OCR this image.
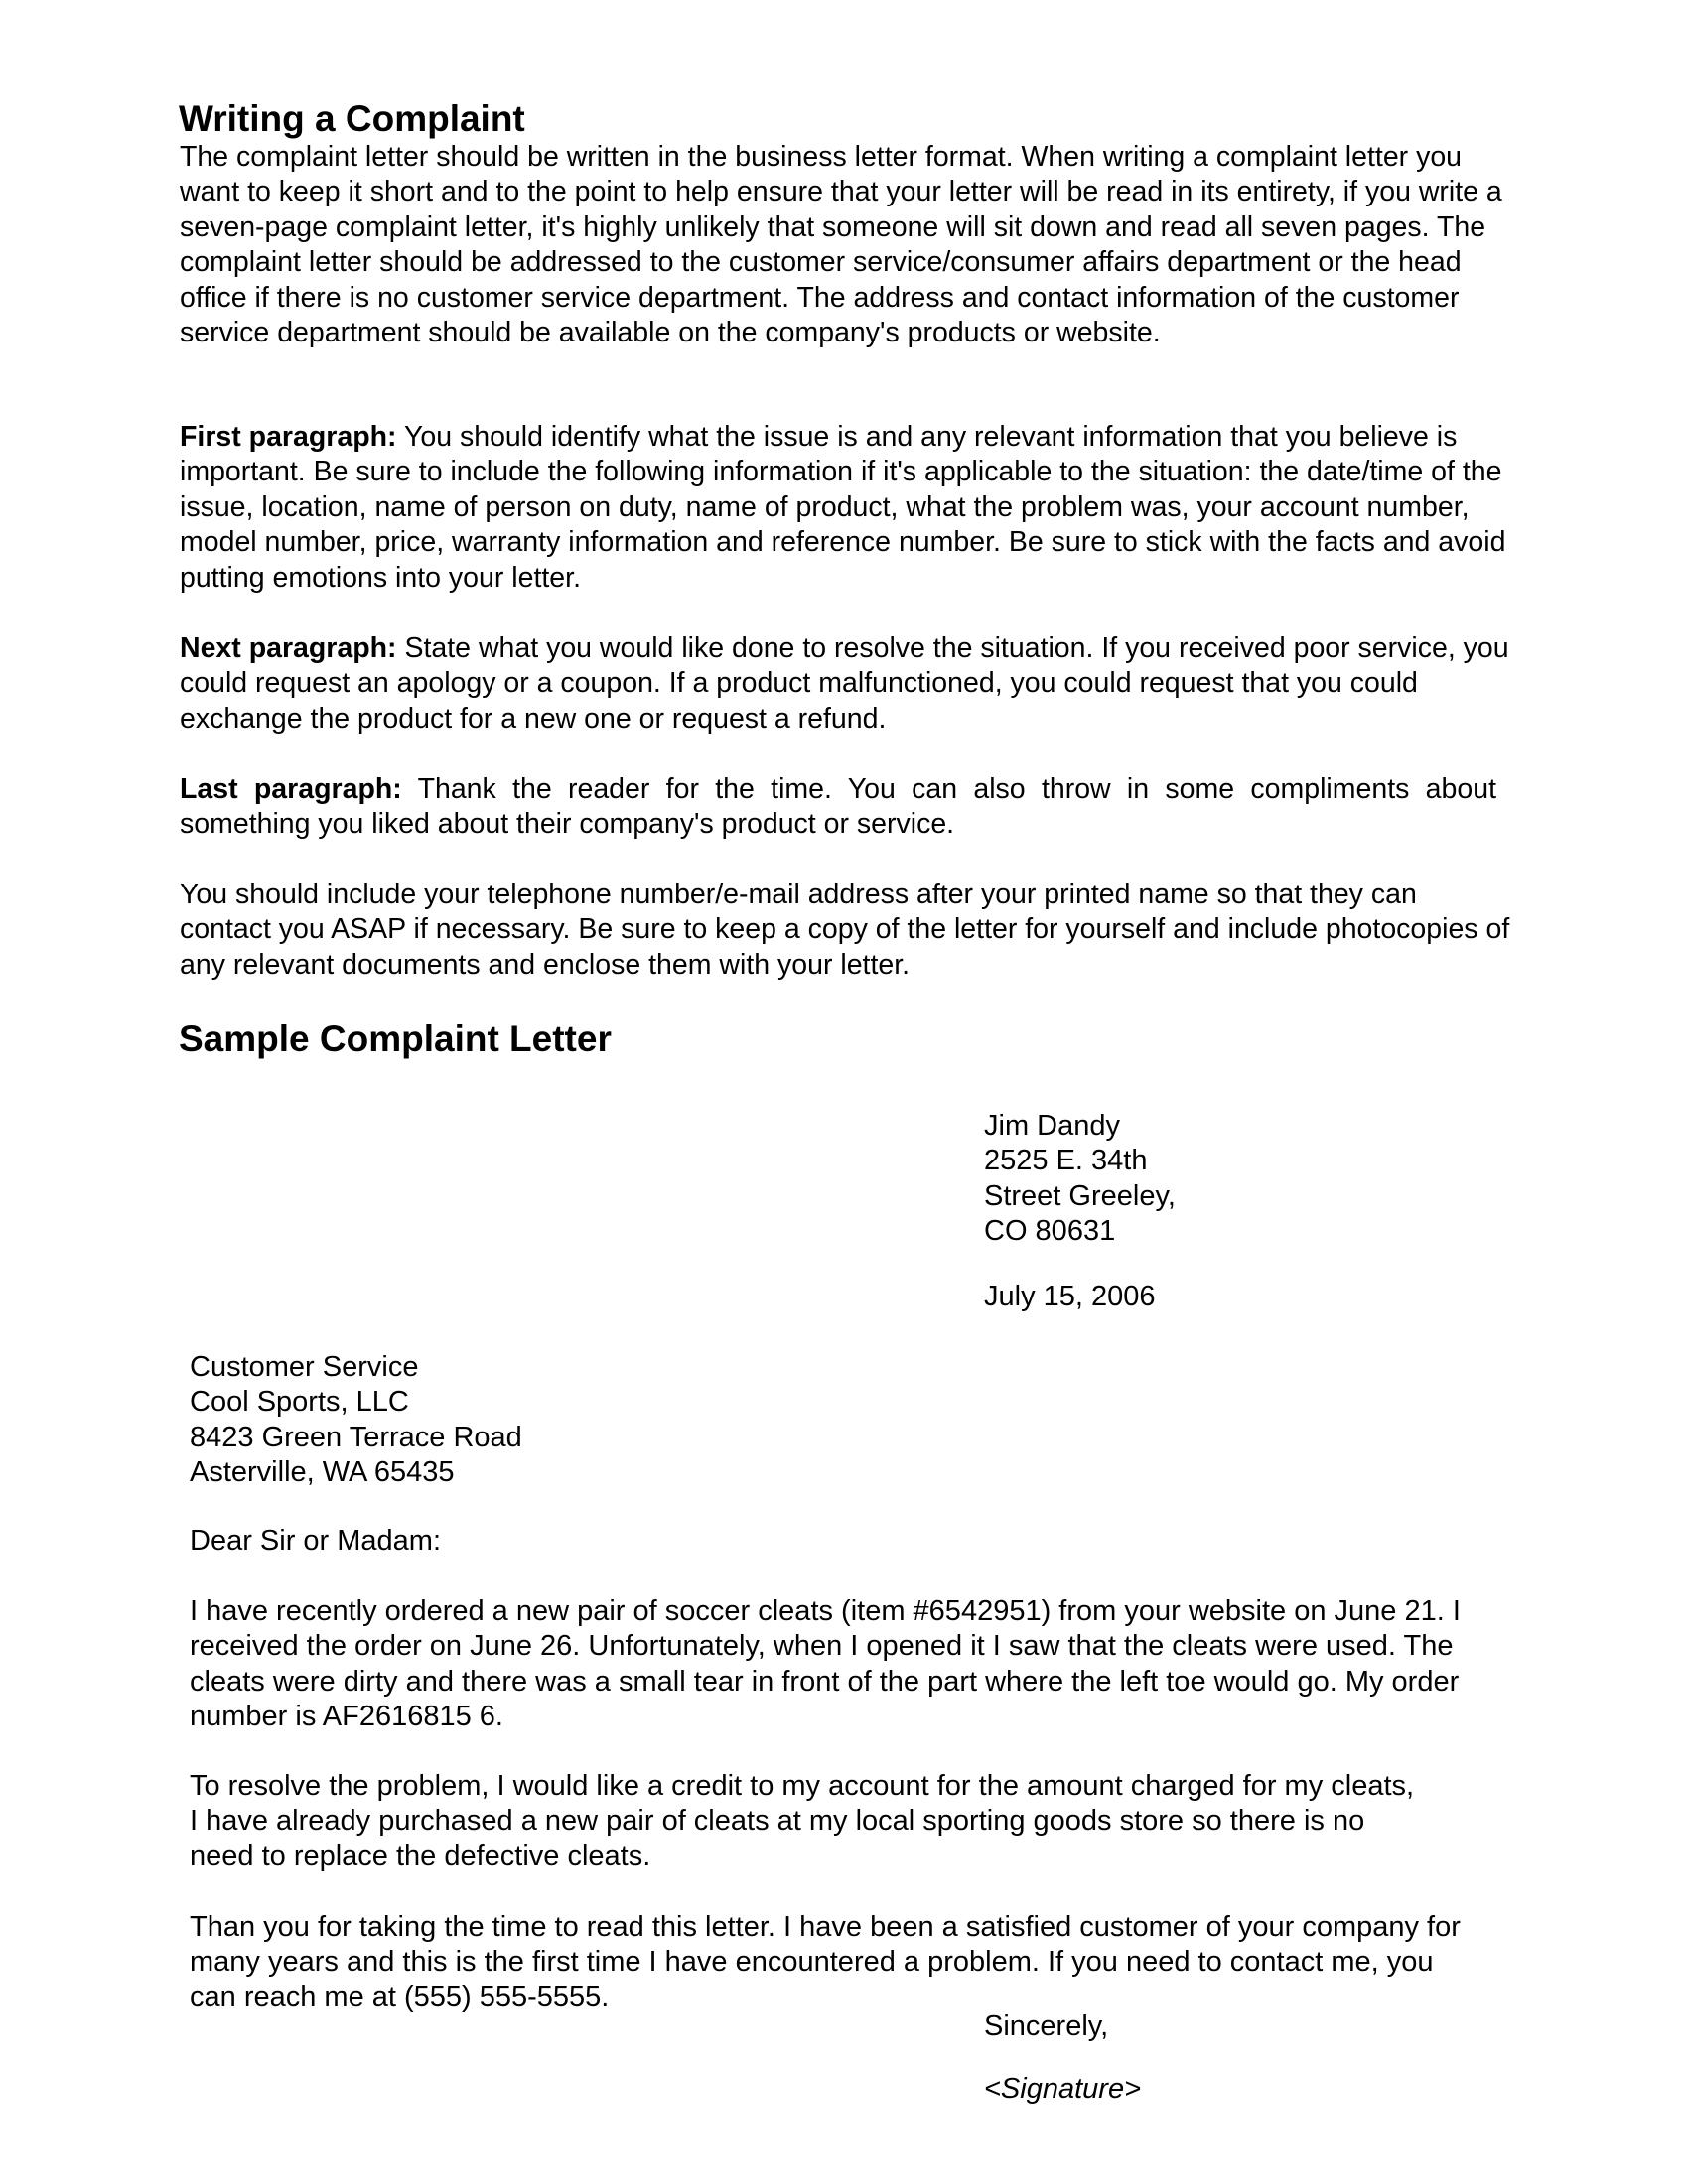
Writing a Complaint
The complaint letter should be written in the business letter format. When writing a complaint letter you want to keep it short and to the point to help ensure that your letter will be read in its entirety, if you write a seven-page complaint letter, it's highly unlikely that someone will sit down and read all seven pages. The complaint letter should be addressed to the customer service/consumer affairs department or the head office if there is no customer service department. The address and contact information of the customer service department should be available on the company's products or website.
First paragraph: You should identify what the issue is and any relevant information that you believe is important. Be sure to include the following information if it's applicable to the situation: the date/time of the issue, location, name of person on duty, name of product, what the problem was, your account number, model number, price, warranty information and reference number. Be sure to stick with the facts and avoid putting emotions into your letter.
Next paragraph: State what you would like done to resolve the situation. If you received poor service, you could request an apology or a coupon. If a product malfunctioned, you could request that you could exchange the product for a new one or request a refund.
Last paragraph: Thank the reader for the time. You can also throw in some compliments about something you liked about their company's product or service.
You should include your telephone number/e-mail address after your printed name so that they can contact you ASAP if necessary. Be sure to keep a copy of the letter for yourself and include photocopies of any relevant documents and enclose them with your letter.
Sample Complaint Letter
Jim Dandy
2525 E. 34th
Street Greeley,
CO 80631
July 15, 2006
Customer Service
Cool Sports, LLC
8423 Green Terrace Road
Asterville, WA 65435
Dear Sir or Madam:
I have recently ordered a new pair of soccer cleats (item #6542951) from your website on June 21. I
received the order on June 26. Unfortunately, when I opened it I saw that the cleats were used. The
cleats were dirty and there was a small tear in front of the part where the left toe would go. My order
number is AF2616815 6.
To resolve the problem, I would like a credit to my account for the amount charged for my cleats,
I have already purchased a new pair of cleats at my local sporting goods store so there is no
need to replace the defective cleats.
Than you for taking the time to read this letter. I have been a satisfied customer of your company for
many years and this is the first time I have encountered a problem. If you need to contact me, you
can reach me at (555) 555-5555.
Sincerely,
<Signature>
